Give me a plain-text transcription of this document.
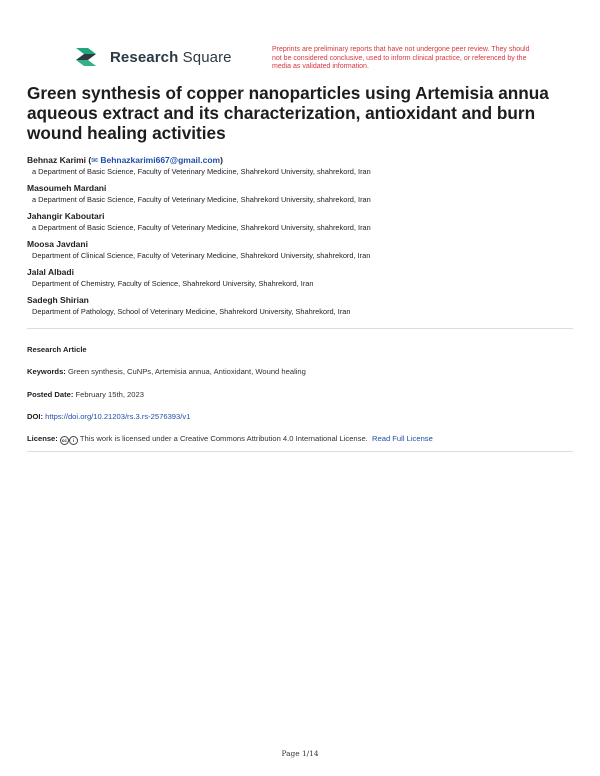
Research Square	Preprints are preliminary reports that have not undergone peer review. They should not be considered conclusive, used to inform clinical practice, or referenced by the media as validated information.
Green synthesis of copper nanoparticles using Artemisia annua aqueous extract and its characterization, antioxidant and burn wound healing activities
Behnaz Karimi (✉ Behnazkarimi667@gmail.com)
a Department of Basic Science, Faculty of Veterinary Medicine, Shahrekord University, shahrekord, Iran
Masoumeh Mardani
a Department of Basic Science, Faculty of Veterinary Medicine, Shahrekord University, shahrekord, Iran
Jahangir Kaboutari
a Department of Basic Science, Faculty of Veterinary Medicine, Shahrekord University, shahrekord, Iran
Moosa Javdani
Department of Clinical Science, Faculty of Veterinary Medicine, Shahrekord University, shahrekord, Iran
Jalal Albadi
Department of Chemistry, Faculty of Science, Shahrekord University, Shahrekord, Iran
Sadegh Shirian
Department of Pathology, School of Veterinary Medicine, Shahrekord University, Shahrekord, Iran
Research Article
Keywords: Green synthesis, CuNPs, Artemisia annua, Antioxidant, Wound healing
Posted Date: February 15th, 2023
DOI: https://doi.org/10.21203/rs.3.rs-2576393/v1
License: cc i This work is licensed under a Creative Commons Attribution 4.0 International License. Read Full License
Page 1/14
